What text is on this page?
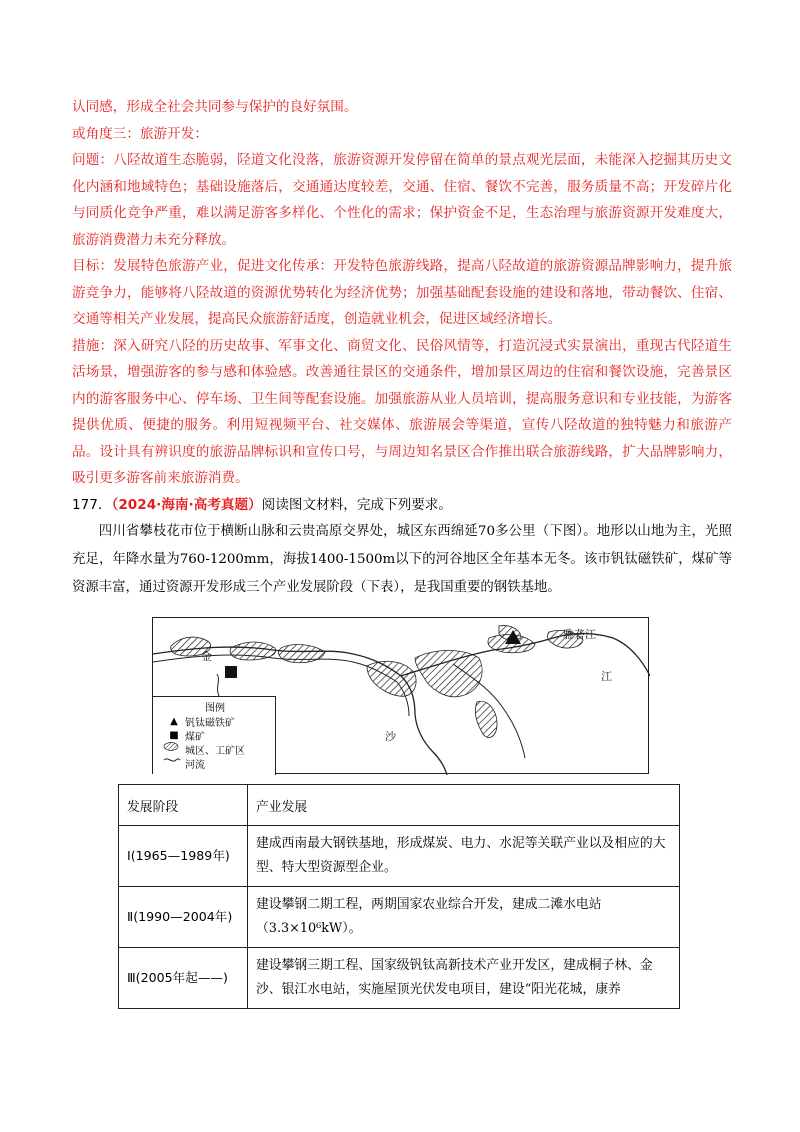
认同感，形成全社会共同参与保护的良好氛围。

或角度三：旅游开发：

问题：八陉故道生态脆弱，陉道文化没落，旅游资源开发停留在简单的景点观光层面，未能深入挖掘其历史文化内涵和地域特色；基础设施落后，交通通达度较差，交通、住宿、餐饮不完善，服务质量不高；开发碎片化与同质化竞争严重，难以满足游客多样化、个性化的需求；保护资金不足，生态治理与旅游资源开发难度大，旅游消费潜力未充分释放。

目标：发展特色旅游产业，促进文化传承：开发特色旅游线路，提高八陉故道的旅游资源品牌影响力，提升旅游竞争力，能够将八陉故道的资源优势转化为经济优势；加强基础配套设施的建设和落地，带动餐饮、住宿、交通等相关产业发展，提高民众旅游舒适度，创造就业机会，促进区域经济增长。

措施：深入研究八陉的历史故事、军事文化、商贸文化、民俗风情等，打造沉浸式实景演出，重现古代陉道生活场景，增强游客的参与感和体验感。改善通往景区的交通条件，增加景区周边的住宿和餐饮设施，完善景区内的游客服务中心、停车场、卫生间等配套设施。加强旅游从业人员培训，提高服务意识和专业技能，为游客提供优质、便捷的服务。利用短视频平台、社交媒体、旅游展会等渠道，宣传八陉故道的独特魅力和旅游产品。设计具有辨识度的旅游品牌标识和宣传口号，与周边知名景区合作推出联合旅游线路，扩大品牌影响力，吸引更多游客前来旅游消费。

177．（2024·海南·高考真题）阅读图文材料，完成下列要求。

四川省攀枝花市位于横断山脉和云贵高原交界处，城区东西绵延70多公里（下图）。地形以山地为主，光照充足，年降水量为760-1200mm，海拔1400-1500m以下的河谷地区全年基本无冬。该市钒钛磁铁矿，煤矿等资源丰富，通过资源开发形成三个产业发展阶段（下表），是我国重要的钢铁基地。

金
沙
江
雅砻江
图例
▲ 钒钛磁铁矿
■ 煤矿
城区、工矿区
河流
发展阶段	产业发展
Ⅰ(1965—1989年)	建成西南最大钢铁基地，形成煤炭、电力、水泥等关联产业以及相应的大型、特大型资源型企业。
Ⅱ(1990—2004年)	建设攀钢二期工程，两期国家农业综合开发，建成二滩水电站（3.3×10⁶kW）。
Ⅲ(2005年起——)	建设攀钢三期工程、国家级钒钛高新技术产业开发区，建成桐子林、金沙、银江水电站，实施屋顶光伏发电项目，建设“阳光花城，康养
